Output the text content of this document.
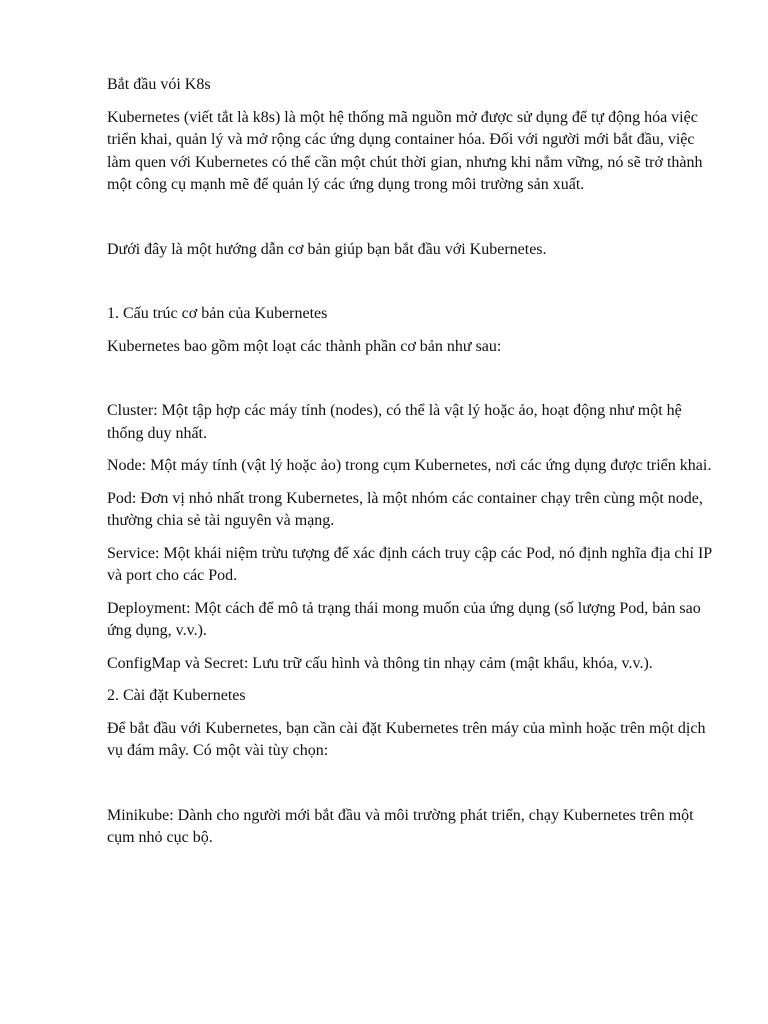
Bắt đầu vói K8s

Kubernetes (viết tắt là k8s) là một hệ thống mã nguồn mở được sử dụng để tự động hóa việc triển khai, quản lý và mở rộng các ứng dụng container hóa. Đối với người mới bắt đầu, việc làm quen với Kubernetes có thể cần một chút thời gian, nhưng khi nắm vững, nó sẽ trở thành một công cụ mạnh mẽ để quản lý các ứng dụng trong môi trường sản xuất.

Dưới đây là một hướng dẫn cơ bản giúp bạn bắt đầu với Kubernetes.

1. Cấu trúc cơ bản của Kubernetes

Kubernetes bao gồm một loạt các thành phần cơ bản như sau:

Cluster: Một tập hợp các máy tính (nodes), có thể là vật lý hoặc ảo, hoạt động như một hệ thống duy nhất.

Node: Một máy tính (vật lý hoặc ảo) trong cụm Kubernetes, nơi các ứng dụng được triển khai.

Pod: Đơn vị nhỏ nhất trong Kubernetes, là một nhóm các container chạy trên cùng một node, thường chia sẻ tài nguyên và mạng.

Service: Một khái niệm trừu tượng để xác định cách truy cập các Pod, nó định nghĩa địa chỉ IP và port cho các Pod.

Deployment: Một cách để mô tả trạng thái mong muốn của ứng dụng (số lượng Pod, bản sao ứng dụng, v.v.).

ConfigMap và Secret: Lưu trữ cấu hình và thông tin nhạy cảm (mật khẩu, khóa, v.v.).

2. Cài đặt Kubernetes

Để bắt đầu với Kubernetes, bạn cần cài đặt Kubernetes trên máy của mình hoặc trên một dịch vụ đám mây. Có một vài tùy chọn:

Minikube: Dành cho người mới bắt đầu và môi trường phát triển, chạy Kubernetes trên một cụm nhỏ cục bộ.
